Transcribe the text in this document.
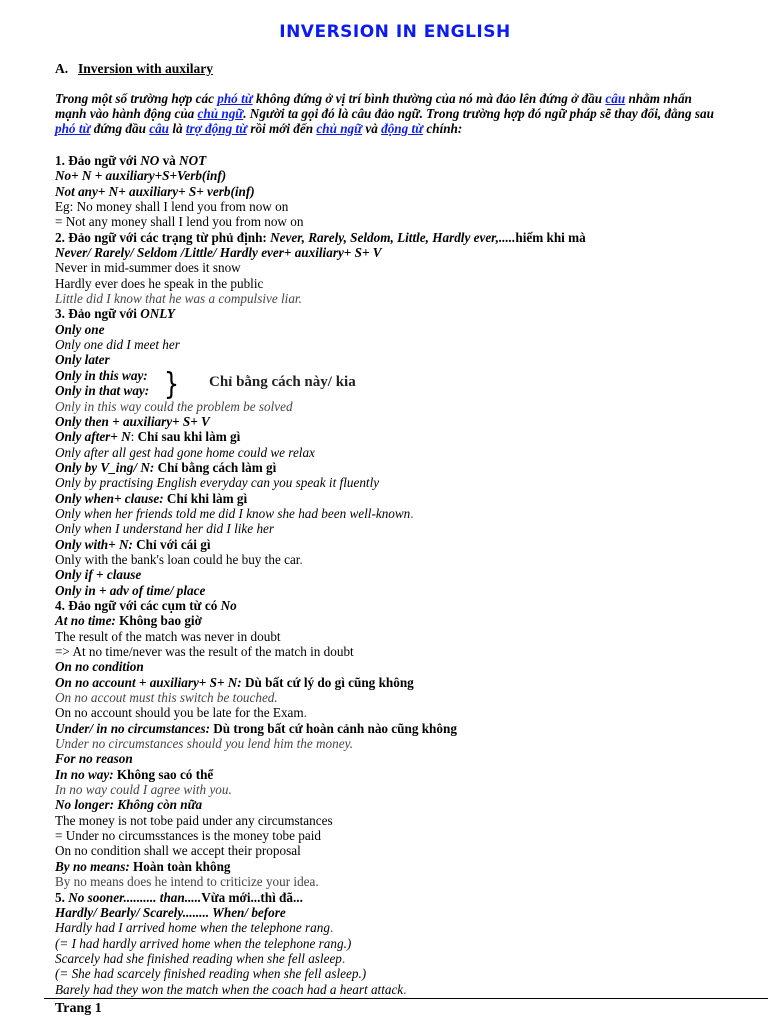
INVERSION IN ENGLISH
A. Inversion with auxilary
Trong một số trường hợp các phó từ không đứng ở vị trí bình thường của nó mà đảo lên đứng ở đầu câu nhằm nhấn mạnh vào hành động của chủ ngữ. Người ta gọi đó là câu đảo ngữ. Trong trường hợp đó ngữ pháp sẽ thay đổi, đằng sau phó từ đứng đầu câu là trợ động từ rồi mới đến chủ ngữ và động từ chính:
1. Đảo ngữ với NO và NOT
No+ N + auxiliary+S+Verb(inf)
Not any+ N+ auxiliary+ S+ verb(inf)
Eg: No money shall I lend you from now on
= Not any money shall I lend you from now on
2. Đảo ngữ với các trạng từ phủ định: Never, Rarely, Seldom, Little, Hardly ever,.....hiếm khi mà
Never/ Rarely/ Seldom /Little/ Hardly ever+ auxiliary+ S+ V
Never in mid-summer does it snow
Hardly ever does he speak in the public
Little did I know that he was a compulsive liar.
3. Đảo ngữ với ONLY
Only one
Only one did I meet her
Only later
Only in this way:
Only in that way:
Only in this way could the problem be solved
Only then + auxiliary+ S+ V
Only after+ N: Chỉ sau khi làm gì
Only after all gest had gone home could we relax
Only by V_ing/ N: Chỉ bằng cách làm gì
Only by practising English everyday can you speak it fluently
Only when+ clause: Chỉ khi làm gì
Only when her friends told me did I know she had been well-known.
Only when I understand her did I like her
Only with+ N: Chỉ với cái gì
Only with the bank's loan could he buy the car.
Only if + clause
Only in + adv of time/ place
4. Đảo ngữ với các cụm từ có No
At no time: Không bao giờ
The result of the match was never in doubt
=> At no time/never was the result of the match in doubt
On no condition
On no account + auxiliary+ S+ N: Dù bất cứ lý do gì cũng không
On no accout must this switch be touched.
On no account should you be late for the Exam.
Under/ in no circumstances: Dù trong bất cứ hoàn cảnh nào cũng không
Under no circumstances should you lend him the money.
For no reason
In no way: Không sao có thể
In no way could I agree with you.
No longer: Không còn nữa
The money is not tobe paid under any circumstances
= Under no circumsstances is the money tobe paid
On no condition shall we accept their proposal
By no means: Hoàn toàn không
By no means does he intend to criticize your idea.
5. No sooner.......... than.....Vừa mới...thì đã...
Hardly/ Bearly/ Scarely........ When/ before
Hardly had I arrived home when the telephone rang.
(= I had hardly arrived home when the telephone rang.)
Scarcely had she finished reading when she fell asleep.
(= She had scarcely finished reading when she fell asleep.)
Barely had they won the match when the coach had a heart attack.
} Chỉ bằng cách này/ kia
Trang 1
